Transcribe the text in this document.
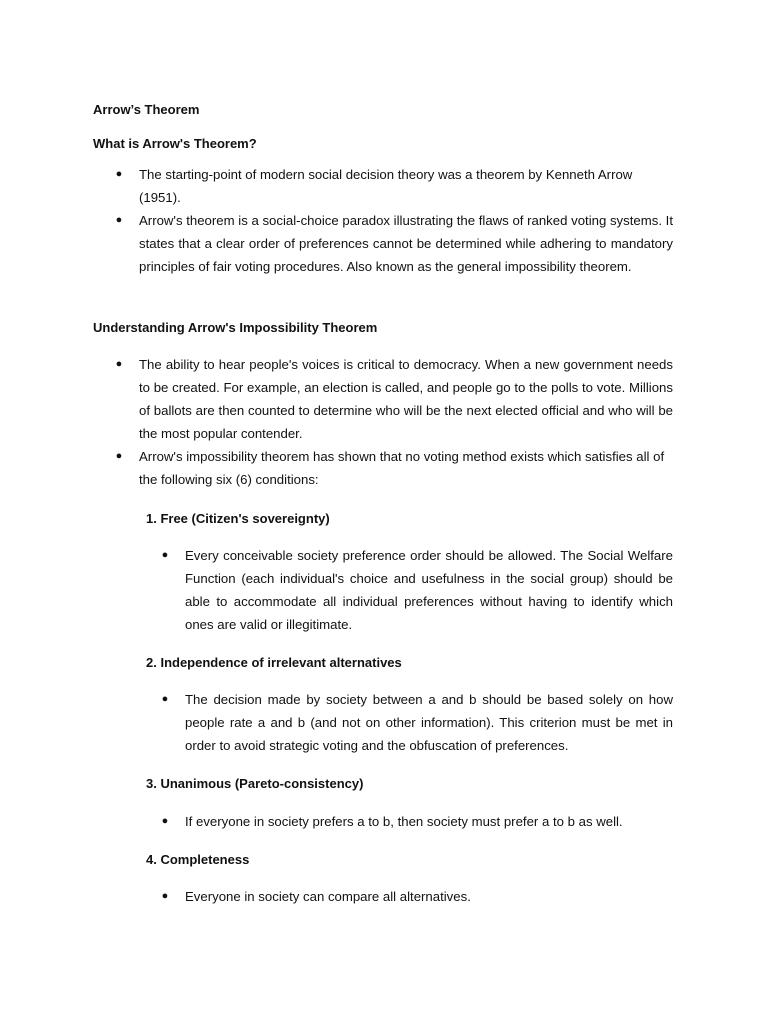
Arrow’s Theorem
What is Arrow's Theorem?
● The starting-point of modern social decision theory was a theorem by Kenneth Arrow (1951).
● Arrow's theorem is a social-choice paradox illustrating the flaws of ranked voting systems. It states that a clear order of preferences cannot be determined while adhering to mandatory principles of fair voting procedures. Also known as the general impossibility theorem.
Understanding Arrow's Impossibility Theorem
● The ability to hear people's voices is critical to democracy. When a new government needs to be created. For example, an election is called, and people go to the polls to vote. Millions of ballots are then counted to determine who will be the next elected official and who will be the most popular contender.
● Arrow's impossibility theorem has shown that no voting method exists which satisfies all of the following six (6) conditions:
1. Free (Citizen's sovereignty)
● Every conceivable society preference order should be allowed. The Social Welfare Function (each individual's choice and usefulness in the social group) should be able to accommodate all individual preferences without having to identify which ones are valid or illegitimate.
2. Independence of irrelevant alternatives
● The decision made by society between a and b should be based solely on how people rate a and b (and not on other information). This criterion must be met in order to avoid strategic voting and the obfuscation of preferences.
3. Unanimous (Pareto-consistency)
● If everyone in society prefers a to b, then society must prefer a to b as well.
4. Completeness
● Everyone in society can compare all alternatives.
